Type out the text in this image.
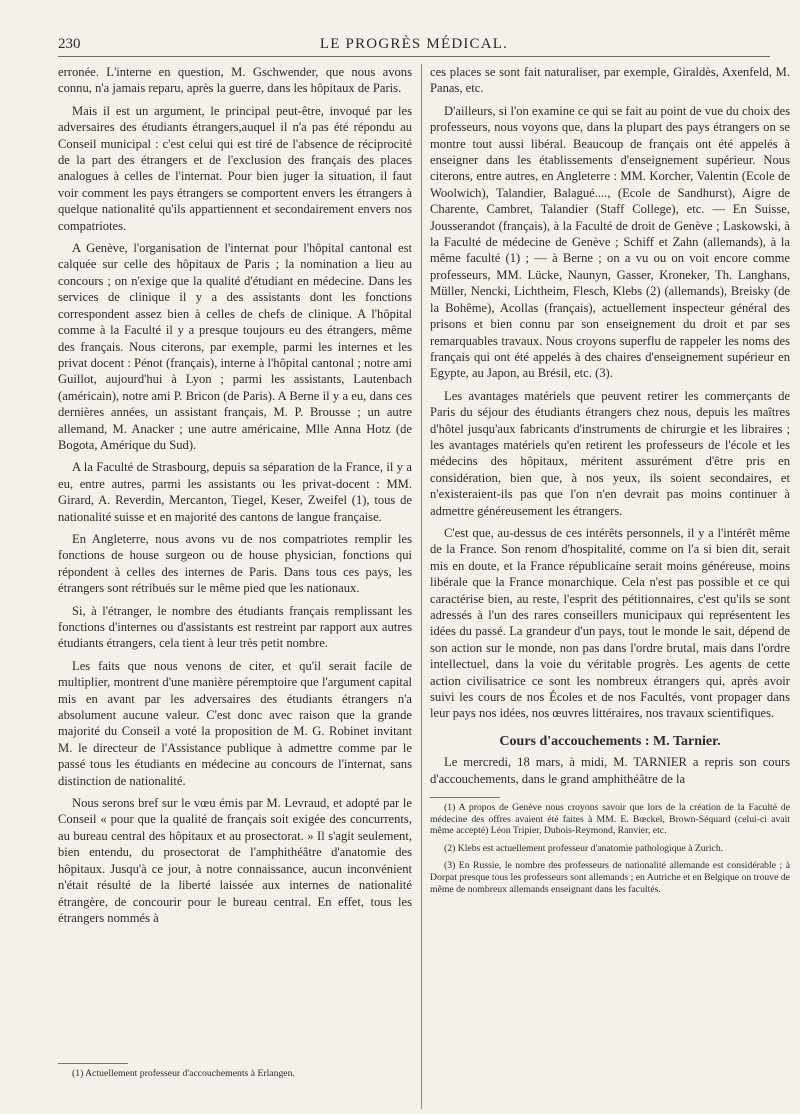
230	LE PROGRÈS MÉDICAL.

erronée. L'interne en question, M. Gschwender, que nous avons connu, n'a jamais reparu, après la guerre, dans les hôpitaux de Paris.

Mais il est un argument, le principal peut-être, invoqué par les adversaires des étudiants étrangers,auquel il n'a pas été répondu au Conseil municipal : c'est celui qui est tiré de l'absence de réciprocité de la part des étrangers et de l'exclusion des français des places analogues à celles de l'internat. Pour bien juger la situation, il faut voir comment les pays étrangers se comportent envers les étrangers à quelque nationalité qu'ils appartiennent et secondairement envers nos compatriotes.

A Genève, l'organisation de l'internat pour l'hôpital cantonal est calquée sur celle des hôpitaux de Paris ; la nomination a lieu au concours ; on n'exige que la qualité d'étudiant en médecine. Dans les services de clinique il y a des assistants dont les fonctions correspondent assez bien à celles de chefs de clinique. A l'hôpital comme à la Faculté il y a presque toujours eu des étrangers, même des français. Nous citerons, par exemple, parmi les internes et les privat docent : Pénot (français), interne à l'hôpital cantonal ; notre ami Guillot, aujourd'hui à Lyon ; parmi les assistants, Lautenbach (américain), notre ami P. Bricon (de Paris). A Berne il y a eu, dans ces dernières années, un assistant français, M. P. Brousse ; un autre allemand, M. Anacker ; une autre américaine, Mlle Anna Hotz (de Bogota, Amérique du Sud).

A la Faculté de Strasbourg, depuis sa séparation de la France, il y a eu, entre autres, parmi les assistants ou les privat-docent : MM. Girard, A. Reverdin, Mercanton, Tiegel, Keser, Zweifel (1), tous de nationalité suisse et en majorité des cantons de langue française.

En Angleterre, nous avons vu de nos compatriotes remplir les fonctions de house surgeon ou de house physician, fonctions qui répondent à celles des internes de Paris. Dans tous ces pays, les étrangers sont rétribués sur le même pied que les nationaux.

Si, à l'étranger, le nombre des étudiants français remplissant les fonctions d'internes ou d'assistants est restreint par rapport aux autres étudiants étrangers, cela tient à leur très petit nombre.

Les faits que nous venons de citer, et qu'il serait facile de multiplier, montrent d'une manière péremptoire que l'argument capital mis en avant par les adversaires des étudiants étrangers n'a absolument aucune valeur. C'est donc avec raison que la grande majorité du Conseil a voté la proposition de M. G. Robinet invitant M. le directeur de l'Assistance publique à admettre comme par le passé tous les étudiants en médecine au concours de l'internat, sans distinction de nationalité.

Nous serons bref sur le vœu émis par M. Levraud, et adopté par le Conseil « pour que la qualité de français soit exigée des concurrents, au bureau central des hôpitaux et au prosectorat. » Il s'agit seulement, bien entendu, du prosectorat de l'amphithéâtre d'anatomie des hôpitaux. Jusqu'à ce jour, à notre connaissance, aucun inconvénient n'était résulté de la liberté laissée aux internes de nationalité étrangère, de concourir pour le bureau central. En effet, tous les étrangers nommés à

(1) Actuellement professeur d'accouchements à Erlangen.

ces places se sont fait naturaliser, par exemple, Giraldès, Axenfeld, M. Panas, etc.

D'ailleurs, si l'on examine ce qui se fait au point de vue du choix des professeurs, nous voyons que, dans la plupart des pays étrangers on se montre tout aussi libéral. Beaucoup de français ont été appelés à enseigner dans les établissements d'enseignement supérieur. Nous citerons, entre autres, en Angleterre : MM. Korcher, Valentin (Ecole de Woolwich), Talandier, Balagué...., (Ecole de Sandhurst), Aigre de Charente, Cambret, Talandier (Staff College), etc. — En Suisse, Jousserandot (français), à la Faculté de droit de Genève ; Laskowski, à la Faculté de médecine de Genève ; Schiff et Zahn (allemands), à la même faculté (1) ; — à Berne ; on a vu ou on voit encore comme professeurs, MM. Lücke, Naunyn, Gasser, Kroneker, Th. Langhans, Müller, Nencki, Lichtheim, Flesch, Klebs (2) (allemands), Breisky (de la Bohême), Acollas (français), actuellement inspecteur général des prisons et bien connu par son enseignement du droit et par ses remarquables travaux. Nous croyons superflu de rappeler les noms des français qui ont été appelés à des chaires d'enseignement supérieur en Egypte, au Japon, au Brésil, etc. (3).

Les avantages matériels que peuvent retirer les commerçants de Paris du séjour des étudiants étrangers chez nous, depuis les maîtres d'hôtel jusqu'aux fabricants d'instruments de chirurgie et les libraires ; les avantages matériels qu'en retirent les professeurs de l'école et les médecins des hôpitaux, méritent assurément d'être pris en considération, bien que, à nos yeux, ils soient secondaires, et n'existeraient-ils pas que l'on n'en devrait pas moins continuer à admettre généreusement les étrangers.

C'est que, au-dessus de ces intérêts personnels, il y a l'intérêt même de la France. Son renom d'hospitalité, comme on l'a si bien dit, serait mis en doute, et la France républicaine serait moins généreuse, moins libérale que la France monarchique. Cela n'est pas possible et ce qui caractérise bien, au reste, l'esprit des pétitionnaires, c'est qu'ils se sont adressés à l'un des rares conseillers municipaux qui représentent les idées du passé. La grandeur d'un pays, tout le monde le sait, dépend de son action sur le monde, non pas dans l'ordre brutal, mais dans l'ordre intellectuel, dans la voie du véritable progrès. Les agents de cette action civilisatrice ce sont les nombreux étrangers qui, après avoir suivi les cours de nos Écoles et de nos Facultés, vont propager dans leur pays nos idées, nos œuvres littéraires, nos travaux scientifiques.

Cours d'accouchements : M. Tarnier.

Le mercredi, 18 mars, à midi, M. TARNIER a repris son cours d'accouchements, dans le grand amphithéâtre de la

(1) A propos de Genève nous croyons savoir que lors de la création de la Faculté de médecine des offres avaient été faites à MM. E. Bœckel, Brown-Séquard (celui-ci avait même accepté) Léon Tripier, Dubois-Reymond, Ranvier, etc.

(2) Klebs est actuellement professeur d'anatomie pathologique à Zurich.

(3) En Russie, le nombre des professeurs de nationalité allemande est considérable ; à Dorpat presque tous les professeurs sont allemands ; en Autriche et en Belgique on trouve de même de nombreux allemands enseignant dans les facultés.
